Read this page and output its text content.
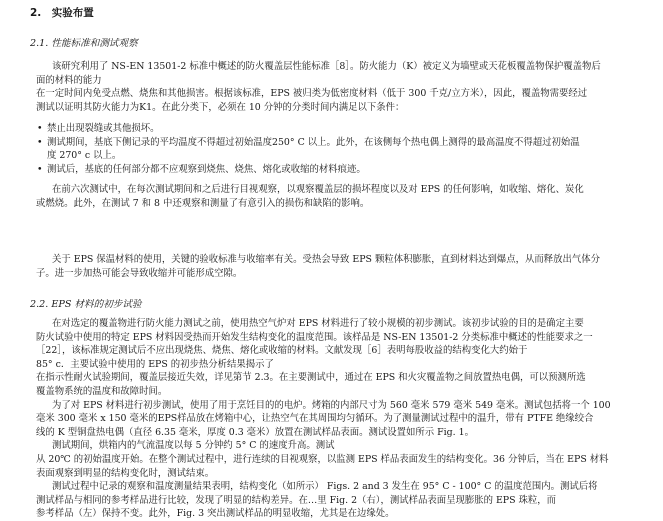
2.　实验布置
2.1. 性能标准和测试观察
该研究利用了 NS-EN 13501-2 标准中概述的防火覆盖层性能标准［8］。防火能力（K）被定义为墙壁或天花板覆盖物保护覆盖物后
面的材料的能力
在一定时间内免受点燃、烧焦和其他损害。根据该标准，EPS 被归类为低密度材料（低于 300 千克/立方米），因此，覆盖物需要经过
测试以证明其防火能力为K1。在此分类下，必须在 10 分钟的分类时间内满足以下条件：
• 禁止出现裂缝或其他损坏。
• 测试期间，基底下侧记录的平均温度不得超过初始温度250° C 以上。此外，在该侧每个热电偶上测得的最高温度不得超过初始温
度 270° c 以上。
• 测试后，基底的任何部分都不应观察到烧焦、烧焦、熔化或收缩的材料痕迹。
在前六次测试中，在每次测试期间和之后进行目视观察，以观察覆盖层的损坏程度以及对 EPS 的任何影响，如收缩、熔化、炭化
或燃烧。此外，在测试 7 和 8 中还观察和测量了有意引入的损伤和缺陷的影响。
关于 EPS 保温材料的使用，关键的验收标准与收缩率有关。受热会导致 EPS 颗粒体积膨胀，直到材料达到爆点，从而释放出气体分
子。进一步加热可能会导致收缩并可能形成空隙。
2.2. EPS 材料的初步试验
在对选定的覆盖物进行防火能力测试之前，使用热空气炉对 EPS 材料进行了较小规模的初步测试。该初步试验的目的是确定主要
防火试验中使用的特定 EPS 材料因受热而开始发生结构变化的温度范围。该样品是 NS-EN 13501-2 分类标准中概述的性能要求之一
［22］，该标准规定测试后不应出现烧焦、烧焦、熔化或收缩的材料。文献发现［6］表明每股收益的结构变化大约始于
85° c．主要试验中使用的 EPS 的初步热分析结果揭示了
在指示性耐火试验期间，覆盖层接近失效，详见第节 2.3。在主要测试中，通过在 EPS 和火灾覆盖物之间放置热电偶，可以预测所选
覆盖物系统的温度和故障时间。
为了对 EPS 材料进行初步测试，使用了用于烹饪目的的电炉。烤箱的内部尺寸为 560 毫米 579 毫米 549 毫米。测试包括将一个 100
毫米 300 毫米 x 150 毫米的EPS样品放在烤箱中心，让热空气在其周围均匀循环。为了测量测试过程中的温升，带有 PTFE 绝缘绞合
线的 K 型铜盘热电偶（直径 6.35 毫米，厚度 0.3 毫米）放置在测试样品表面。测试设置如所示 Fig. 1。
测试期间，烘箱内的气流温度以每 5 分钟约 5° C 的速度升高。测试
从 20℃ 的初始温度开始。在整个测试过程中，进行连续的目视观察，以监测 EPS 样品表面发生的结构变化。36 分钟后，当在 EPS 材料
表面观察到明显的结构变化时，测试结束。
测试过程中记录的观察和温度测量结果表明，结构变化（如所示） Figs. 2 and 3 发生在 95° C - 100° C 的温度范围内。测试后将
测试样品与相同的参考样品进行比较，发现了明显的结构差异。在…里 Fig. 2（右），测试样品表面呈现膨胀的 EPS 珠粒，而
参考样品（左）保持不变。此外，Fig. 3 突出测试样品的明显收缩，尤其是在边缘处。
